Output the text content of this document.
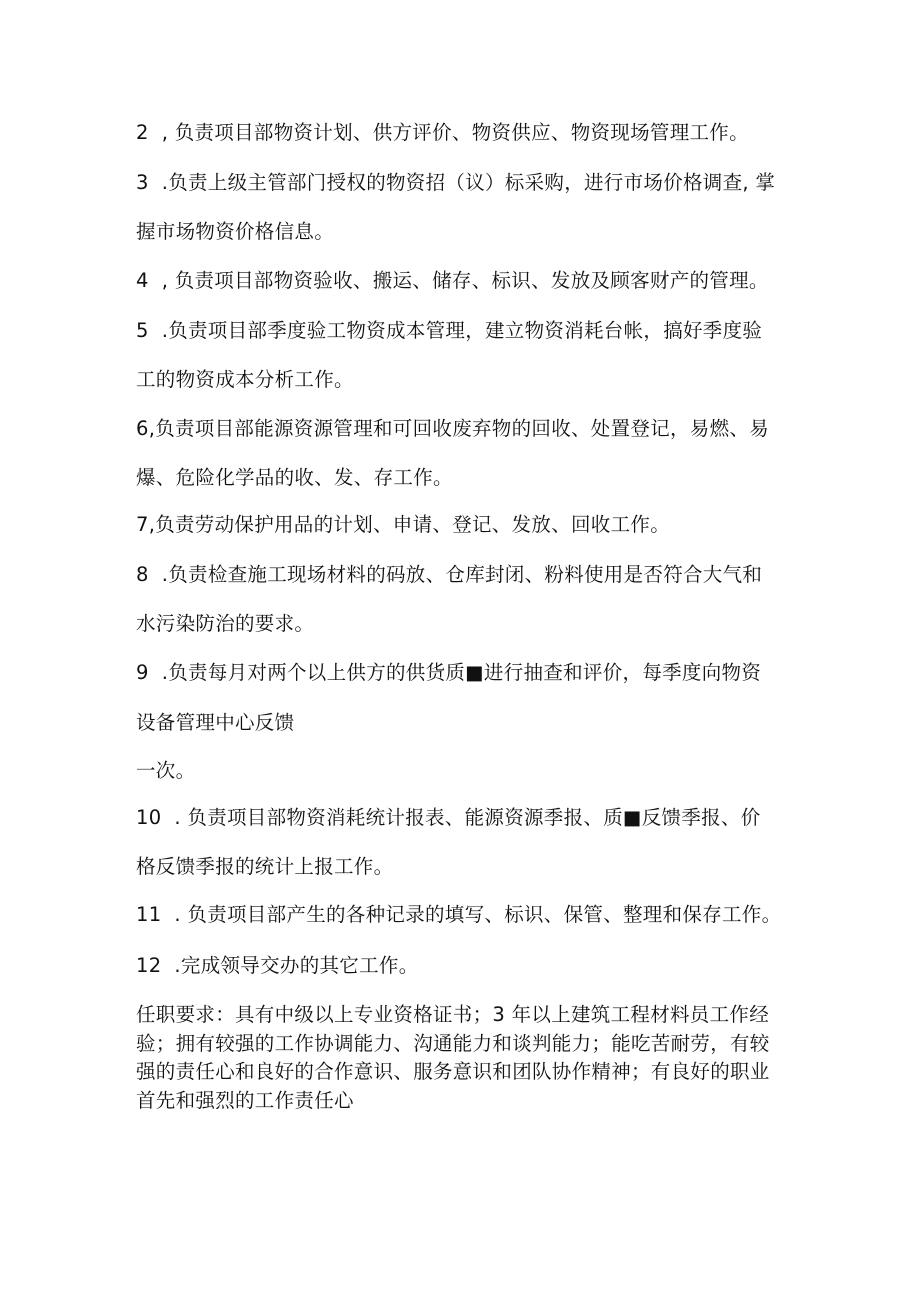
2  , 负责项目部物资计划、供方评价、物资供应、物资现场管理工作。
3  .负责上级主管部门授权的物资招（议）标采购，进行市场价格调查, 掌
握市场物资价格信息。
4  , 负责项目部物资验收、搬运、储存、标识、发放及顾客财产的管理。
5  .负责项目部季度验工物资成本管理，建立物资消耗台帐，搞好季度验
工的物资成本分析工作。
6,负责项目部能源资源管理和可回收废弃物的回收、处置登记，易燃、易
爆、危险化学品的收、发、存工作。
7,负责劳动保护用品的计划、申请、登记、发放、回收工作。
8  .负责检查施工现场材料的码放、仓库封闭、粉料使用是否符合大气和
水污染防治的要求。
9  .负责每月对两个以上供方的供货质■进行抽查和评价，每季度向物资
设备管理中心反馈
一次。
10  . 负责项目部物资消耗统计报表、能源资源季报、质■反馈季报、价
格反馈季报的统计上报工作。
11  . 负责项目部产生的各种记录的填写、标识、保管、整理和保存工作。
12  .完成领导交办的其它工作。
任职要求：具有中级以上专业资格证书；3 年以上建筑工程材料员工作经
验；拥有较强的工作协调能力、沟通能力和谈判能力；能吃苦耐劳，有较
强的责任心和良好的合作意识、服务意识和团队协作精神；有良好的职业
首先和强烈的工作责任心
